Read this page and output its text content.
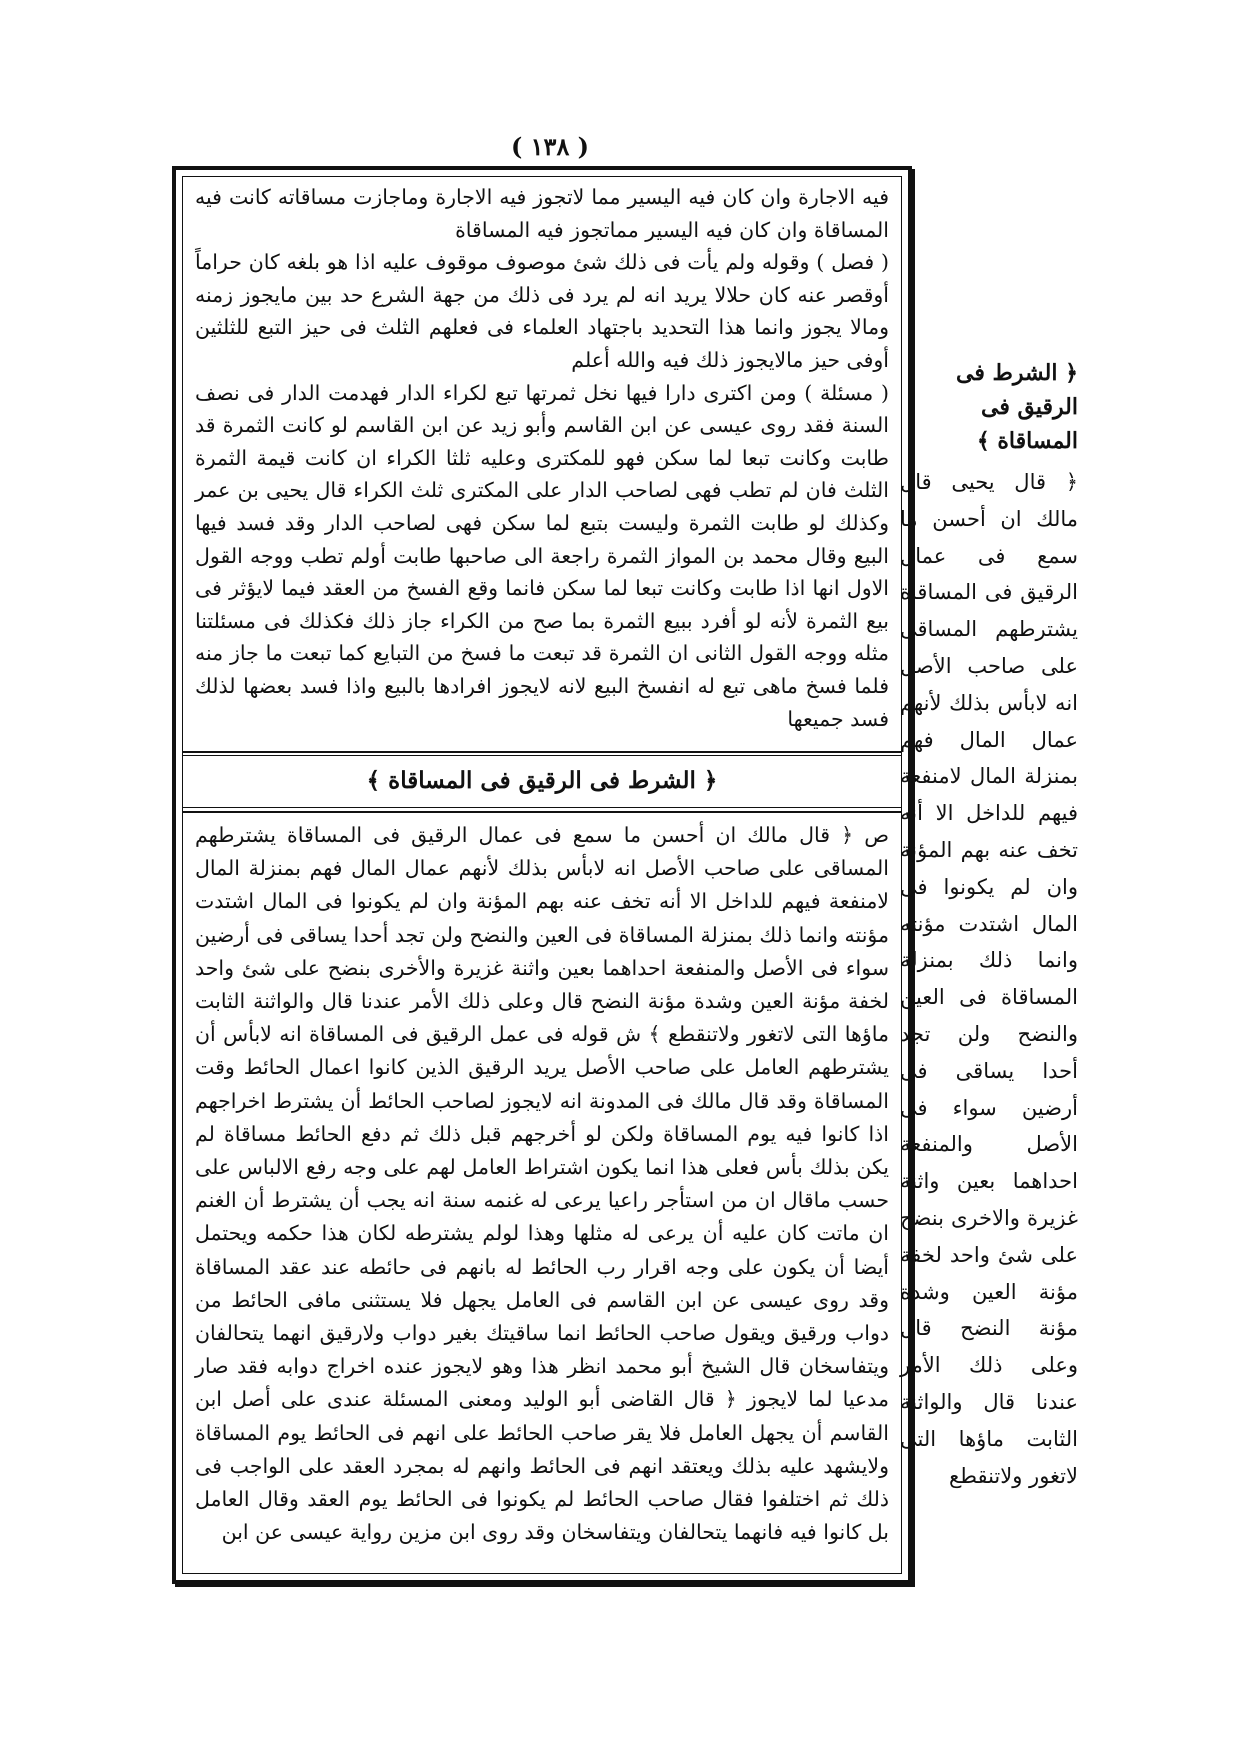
( ١٣٨ )

فيه الاجارة وان كان فيه اليسير مما لاتجوز فيه الاجارة وماجازت مساقاته كانت فيه المساقاة وان كان فيه اليسير مماتجوز فيه المساقاة

( فصل ) وقوله ولم يأت فى ذلك شئ موصوف موقوف عليه اذا هو بلغه كان حراماً أوقصر عنه كان حلالا يريد انه لم يرد فى ذلك من جهة الشرع حد بين مايجوز زمنه ومالا يجوز وانما هذا التحديد باجتهاد العلماء فى فعلهم الثلث فى حيز التبع للثلثين أوفى حيز مالايجوز ذلك فيه والله أعلم

( مسئلة ) ومن اكترى دارا فيها نخل ثمرتها تبع لكراء الدار فهدمت الدار فى نصف السنة فقد روى عيسى عن ابن القاسم وأبو زيد عن ابن القاسم لو كانت الثمرة قد طابت وكانت تبعا لما سكن فهو للمكترى وعليه ثلثا الكراء ان كانت قيمة الثمرة الثلث فان لم تطب فهى لصاحب الدار على المكترى ثلث الكراء قال يحيى بن عمر وكذلك لو طابت الثمرة وليست بتبع لما سكن فهى لصاحب الدار وقد فسد فيها البيع وقال محمد بن المواز الثمرة راجعة الى صاحبها طابت أولم تطب ووجه القول الاول انها اذا طابت وكانت تبعا لما سكن فانما وقع الفسخ من العقد فيما لايؤثر فى بيع الثمرة لأنه لو أفرد ببيع الثمرة بما صح من الكراء جاز ذلك فكذلك فى مسئلتنا مثله ووجه القول الثانى ان الثمرة قد تبعت ما فسخ من التبايع كما تبعت ما جاز منه فلما فسخ ماهى تبع له انفسخ البيع لانه لايجوز افرادها بالبيع واذا فسد بعضها لذلك فسد جميعها

﴿ الشرط فى الرقيق فى المساقاة ﴾

ص ﴿ قال مالك ان أحسن ما سمع فى عمال الرقيق فى المساقاة يشترطهم المساقى على صاحب الأصل انه لابأس بذلك لأنهم عمال المال فهم بمنزلة المال لامنفعة فيهم للداخل الا أنه تخف عنه بهم المؤنة وان لم يكونوا فى المال اشتدت مؤنته وانما ذلك بمنزلة المساقاة فى العين والنضح ولن تجد أحدا يساقى فى أرضين سواء فى الأصل والمنفعة احداهما بعين واثنة غزيرة والأخرى بنضح على شئ واحد لخفة مؤنة العين وشدة مؤنة النضح قال وعلى ذلك الأمر عندنا قال والواثنة الثابت ماؤها التى لاتغور ولاتنقطع ﴾ ش قوله فى عمل الرقيق فى المساقاة انه لابأس أن يشترطهم العامل على صاحب الأصل يريد الرقيق الذين كانوا اعمال الحائط وقت المساقاة وقد قال مالك فى المدونة انه لايجوز لصاحب الحائط أن يشترط اخراجهم اذا كانوا فيه يوم المساقاة ولكن لو أخرجهم قبل ذلك ثم دفع الحائط مساقاة لم يكن بذلك بأس فعلى هذا انما يكون اشتراط العامل لهم على وجه رفع الالباس على حسب ماقال ان من استأجر راعيا يرعى له غنمه سنة انه يجب أن يشترط أن الغنم ان ماتت كان عليه أن يرعى له مثلها وهذا لولم يشترطه لكان هذا حكمه ويحتمل أيضا أن يكون على وجه اقرار رب الحائط له بانهم فى حائطه عند عقد المساقاة وقد روى عيسى عن ابن القاسم فى العامل يجهل فلا يستثنى مافى الحائط من دواب ورقيق ويقول صاحب الحائط انما ساقيتك بغير دواب ولارقيق انهما يتحالفان ويتفاسخان قال الشيخ أبو محمد انظر هذا وهو لايجوز عنده اخراج دوابه فقد صار مدعيا لما لايجوز ﴿ قال القاضى أبو الوليد ومعنى المسئلة عندى على أصل ابن القاسم أن يجهل العامل فلا يقر صاحب الحائط على انهم فى الحائط يوم المساقاة ولايشهد عليه بذلك ويعتقد انهم فى الحائط وانهم له بمجرد العقد على الواجب فى ذلك ثم اختلفوا فقال صاحب الحائط لم يكونوا فى الحائط يوم العقد وقال العامل بل كانوا فيه فانهما يتحالفان ويتفاسخان وقد روى ابن مزين رواية عيسى عن ابن

﴿ الشرط فى الرقيق فى المساقاة ﴾

﴿ قال يحيى قال مالك ان أحسن ما سمع فى عمال الرقيق فى المساقاة يشترطهم المساقى على صاحب الأصل انه لابأس بذلك لأنهم عمال المال فهم بمنزلة المال لامنفعة فيهم للداخل الا أنه تخف عنه بهم المؤنة وان لم يكونوا فى المال اشتدت مؤنته وانما ذلك بمنزلة المساقاة فى العين والنضح ولن تجد أحدا يساقى فى أرضين سواء فى الأصل والمنفعة احداهما بعين واثنة غزيرة والاخرى بنضح على شئ واحد لخفة مؤنة العين وشدة مؤنة النضح قال وعلى ذلك الأمر عندنا قال والواثنة الثابت ماؤها التى لاتغور ولاتنقطع
